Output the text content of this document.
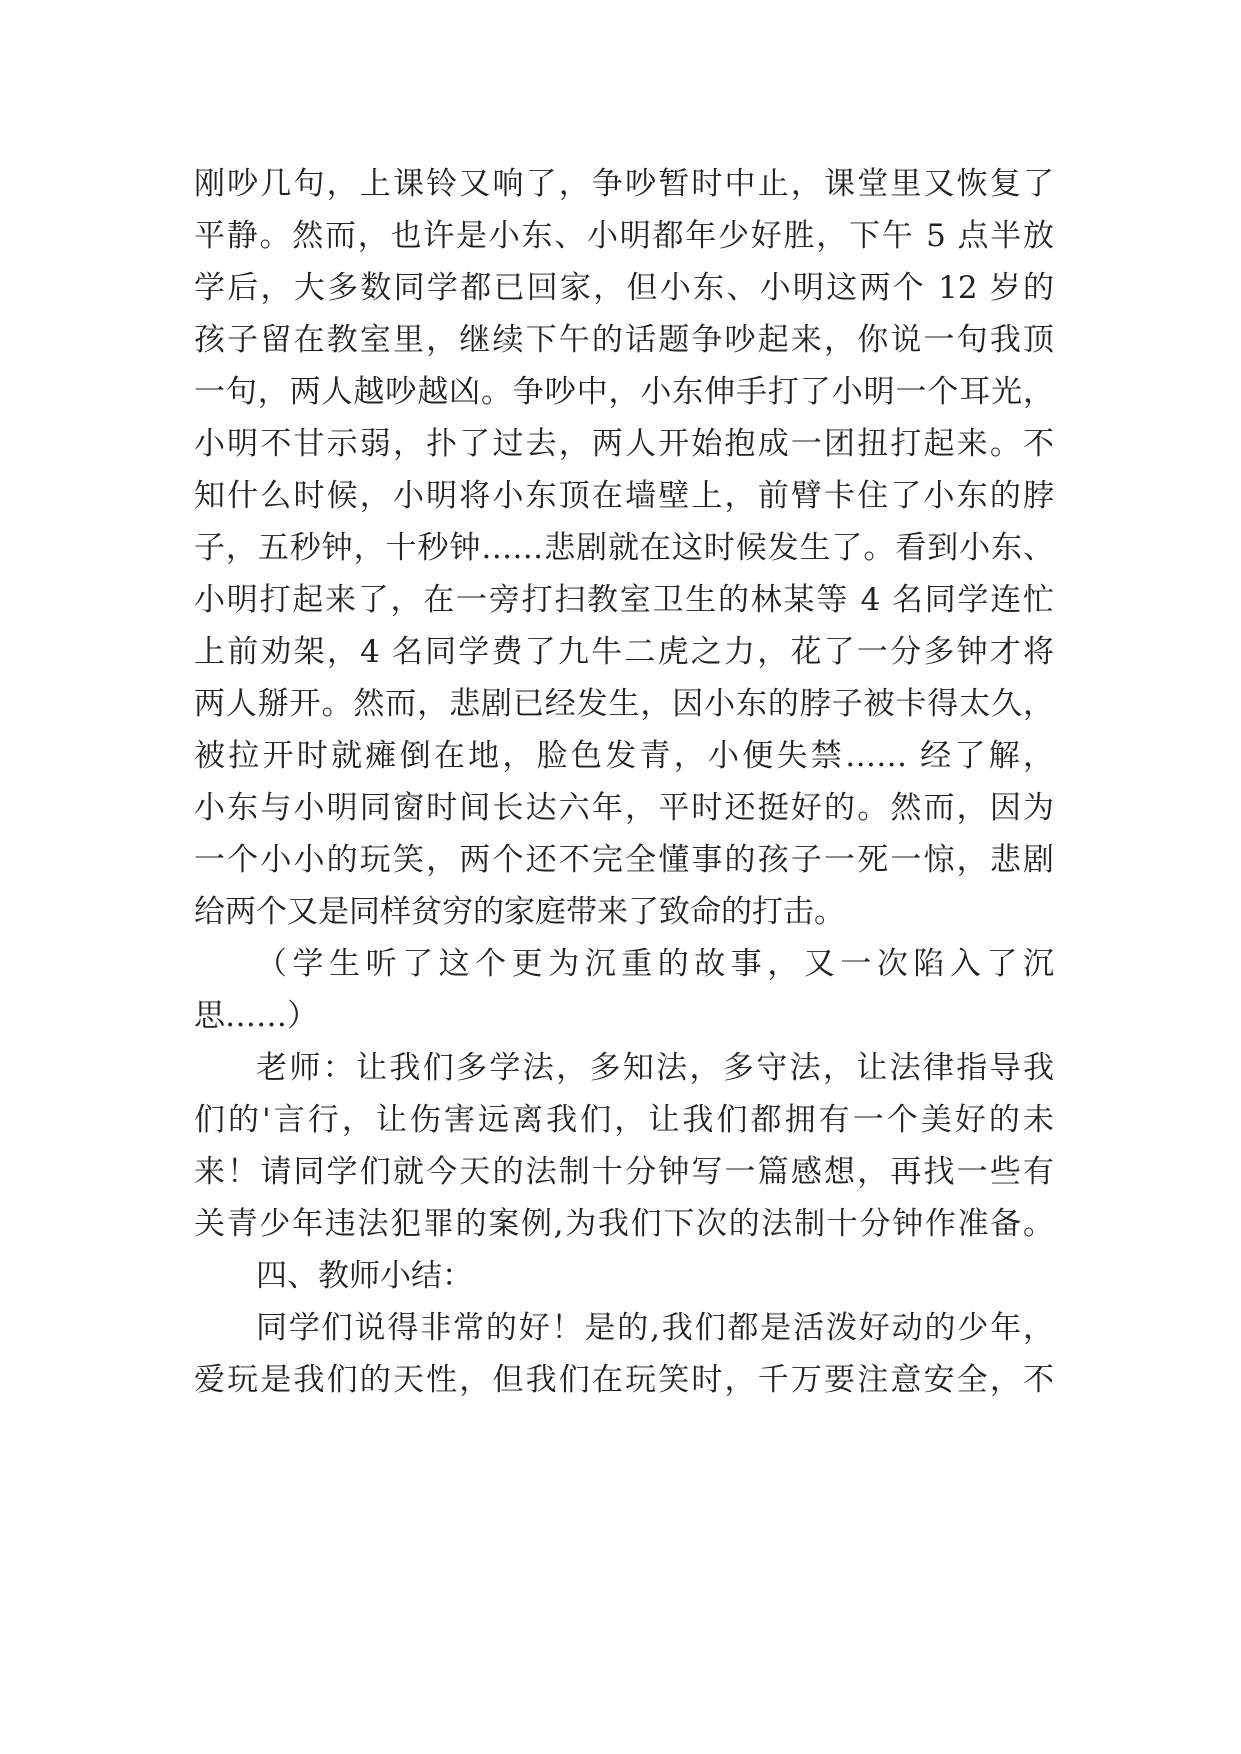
刚吵几句，上课铃又响了，争吵暂时中止，课堂里又恢复了
平静。然而，也许是小东、小明都年少好胜，下午 5 点半放
学后，大多数同学都已回家，但小东、小明这两个 12 岁的
孩子留在教室里，继续下午的话题争吵起来，你说一句我顶
一句，两人越吵越凶。争吵中，小东伸手打了小明一个耳光，
小明不甘示弱，扑了过去，两人开始抱成一团扭打起来。不
知什么时候，小明将小东顶在墙壁上，前臂卡住了小东的脖
子，五秒钟，十秒钟……悲剧就在这时候发生了。看到小东、
小明打起来了，在一旁打扫教室卫生的林某等 4 名同学连忙
上前劝架，4 名同学费了九牛二虎之力，花了一分多钟才将
两人掰开。然而，悲剧已经发生，因小东的脖子被卡得太久，
被拉开时就瘫倒在地，脸色发青，小便失禁…… 经了解，
小东与小明同窗时间长达六年，平时还挺好的。然而，因为
一个小小的玩笑，两个还不完全懂事的孩子一死一惊，悲剧
给两个又是同样贫穷的家庭带来了致命的打击。
（学生听了这个更为沉重的故事，又一次陷入了沉
思……）
老师：让我们多学法，多知法，多守法，让法律指导我
们的'言行，让伤害远离我们，让我们都拥有一个美好的未
来！请同学们就今天的法制十分钟写一篇感想，再找一些有
关青少年违法犯罪的案例,为我们下次的法制十分钟作准备。
四、教师小结：
同学们说得非常的好！是的,我们都是活泼好动的少年，
爱玩是我们的天性，但我们在玩笑时，千万要注意安全，不
